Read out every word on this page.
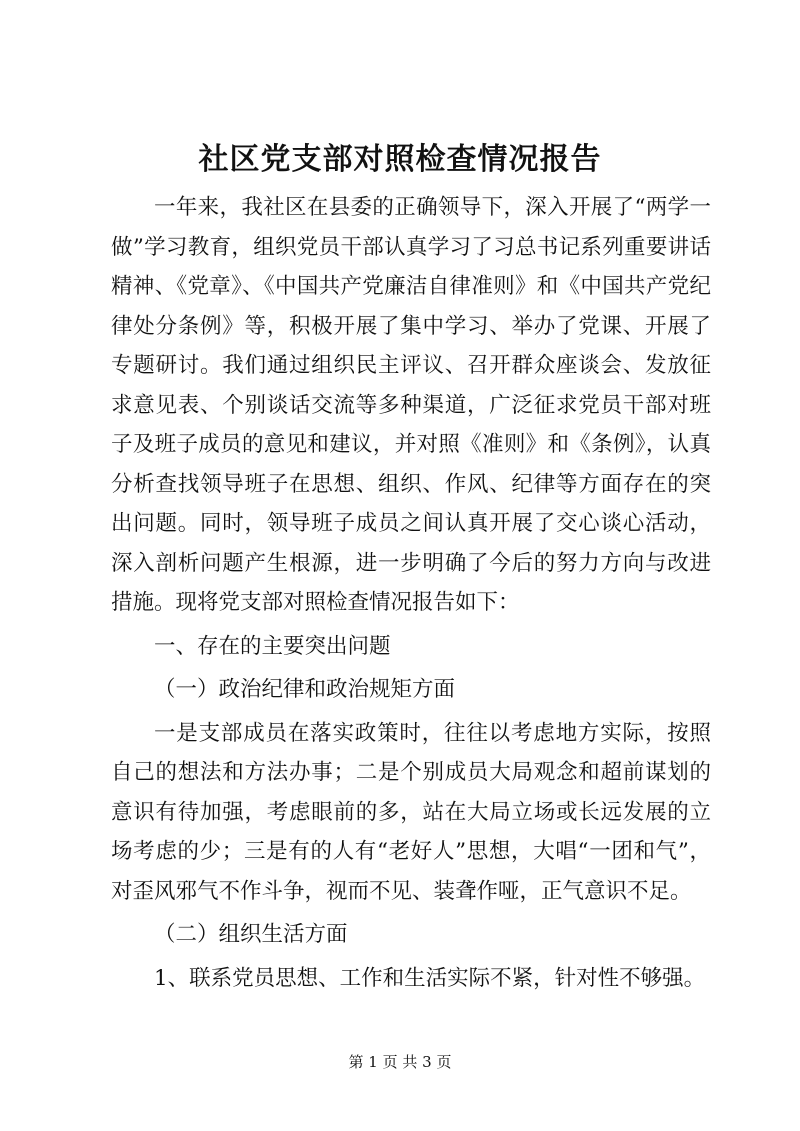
社区党支部对照检查情况报告

一年来，我社区在县委的正确领导下，深入开展了“两学一做”学习教育，组织党员干部认真学习了习总书记系列重要讲话精神、《党章》、《中国共产党廉洁自律准则》和《中国共产党纪律处分条例》等，积极开展了集中学习、举办了党课、开展了专题研讨。我们通过组织民主评议、召开群众座谈会、发放征求意见表、个别谈话交流等多种渠道，广泛征求党员干部对班子及班子成员的意见和建议，并对照《准则》和《条例》，认真分析查找领导班子在思想、组织、作风、纪律等方面存在的突出问题。同时，领导班子成员之间认真开展了交心谈心活动，深入剖析问题产生根源，进一步明确了今后的努力方向与改进措施。现将党支部对照检查情况报告如下：

一、存在的主要突出问题

（一）政治纪律和政治规矩方面

一是支部成员在落实政策时，往往以考虑地方实际，按照自己的想法和方法办事；二是个别成员大局观念和超前谋划的意识有待加强，考虑眼前的多，站在大局立场或长远发展的立场考虑的少；三是有的人有“老好人”思想，大唱“一团和气”，对歪风邪气不作斗争，视而不见、装聋作哑，正气意识不足。

（二）组织生活方面

1、联系党员思想、工作和生活实际不紧，针对性不够强。

第 1 页 共 3 页
